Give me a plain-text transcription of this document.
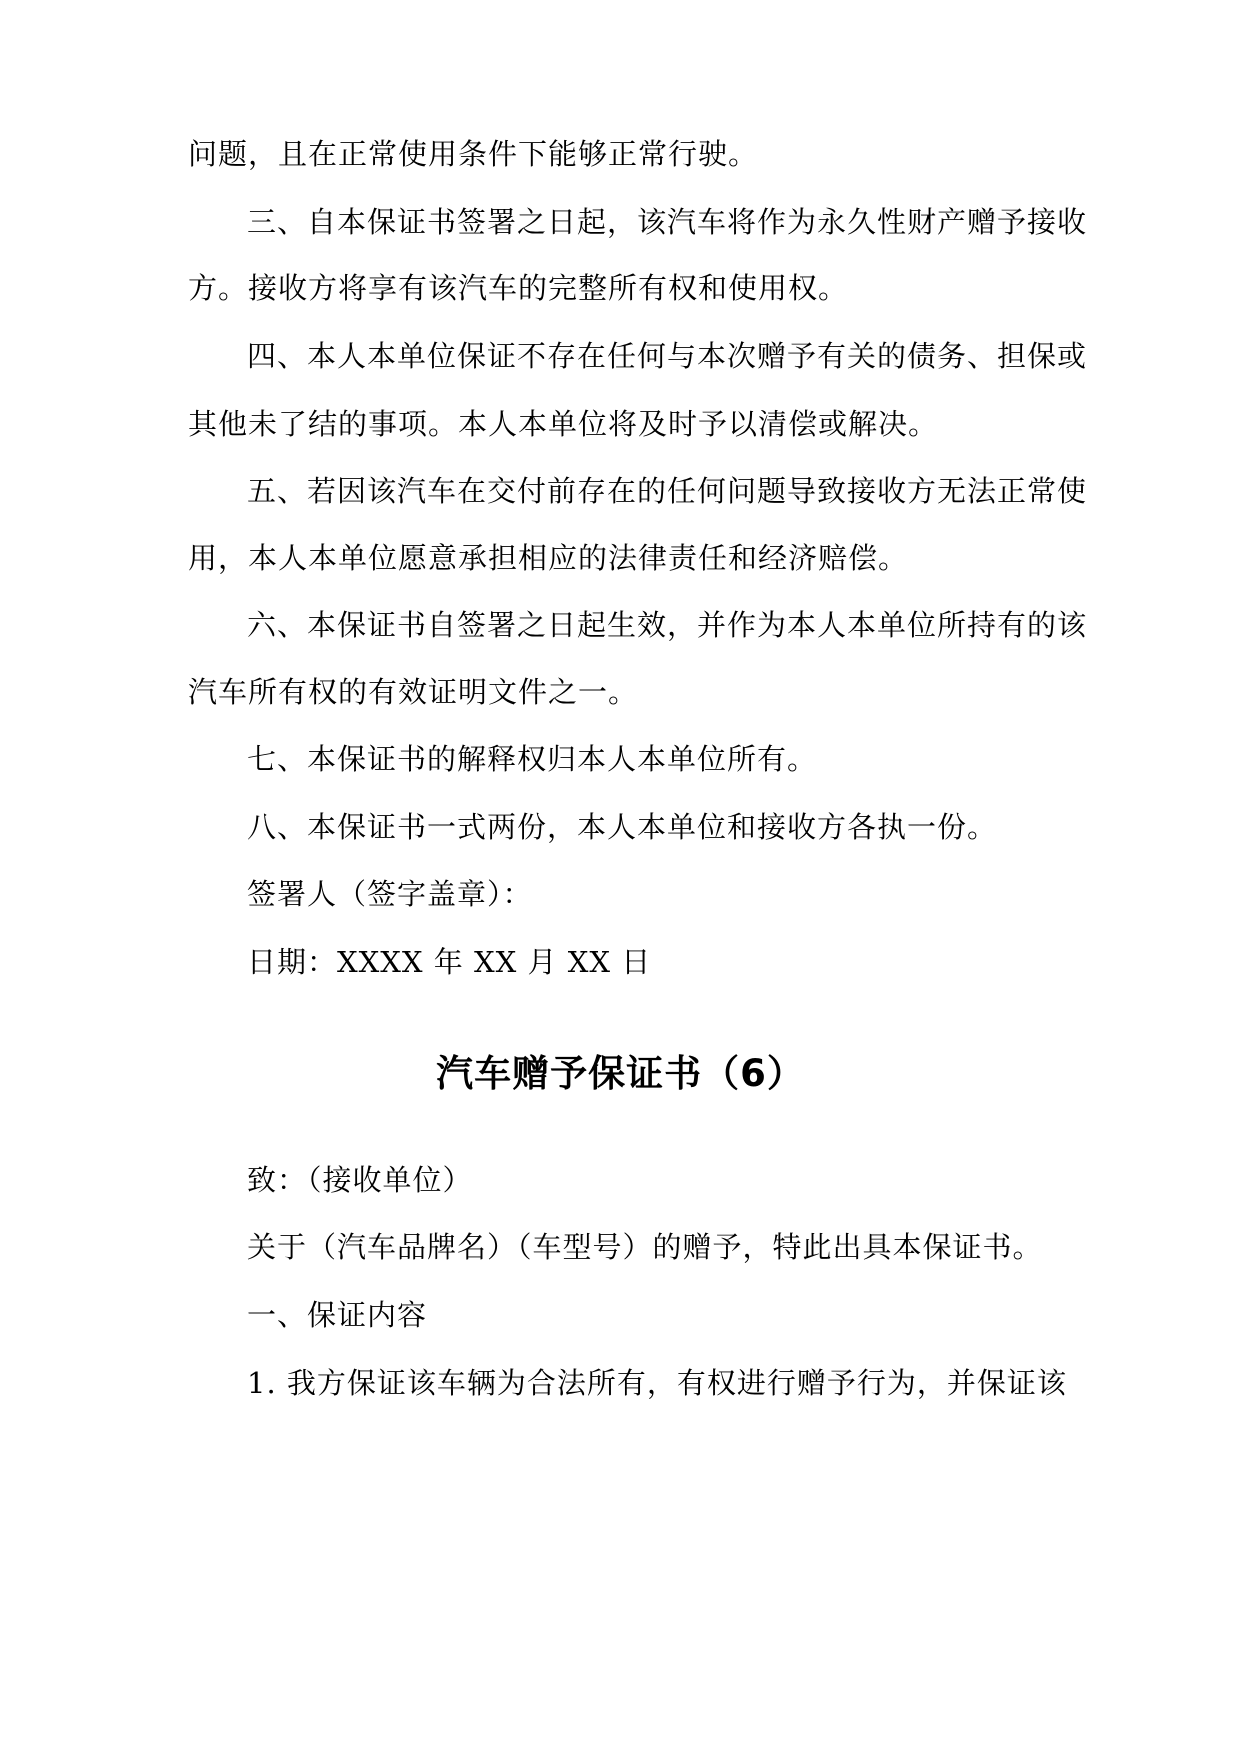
问题，且在正常使用条件下能够正常行驶。

三、自本保证书签署之日起，该汽车将作为永久性财产赠予接收

方。接收方将享有该汽车的完整所有权和使用权。

四、本人本单位保证不存在任何与本次赠予有关的债务、担保或

其他未了结的事项。本人本单位将及时予以清偿或解决。

五、若因该汽车在交付前存在的任何问题导致接收方无法正常使

用，本人本单位愿意承担相应的法律责任和经济赔偿。

六、本保证书自签署之日起生效，并作为本人本单位所持有的该

汽车所有权的有效证明文件之一。

七、本保证书的解释权归本人本单位所有。

八、本保证书一式两份，本人本单位和接收方各执一份。

签署人（签字盖章）：

日期：XXXX 年 XX 月 XX 日

汽车赠予保证书（6）

致：（接收单位）

关于（汽车品牌名）（车型号）的赠予，特此出具本保证书。

一、保证内容

1. 我方保证该车辆为合法所有，有权进行赠予行为，并保证该
